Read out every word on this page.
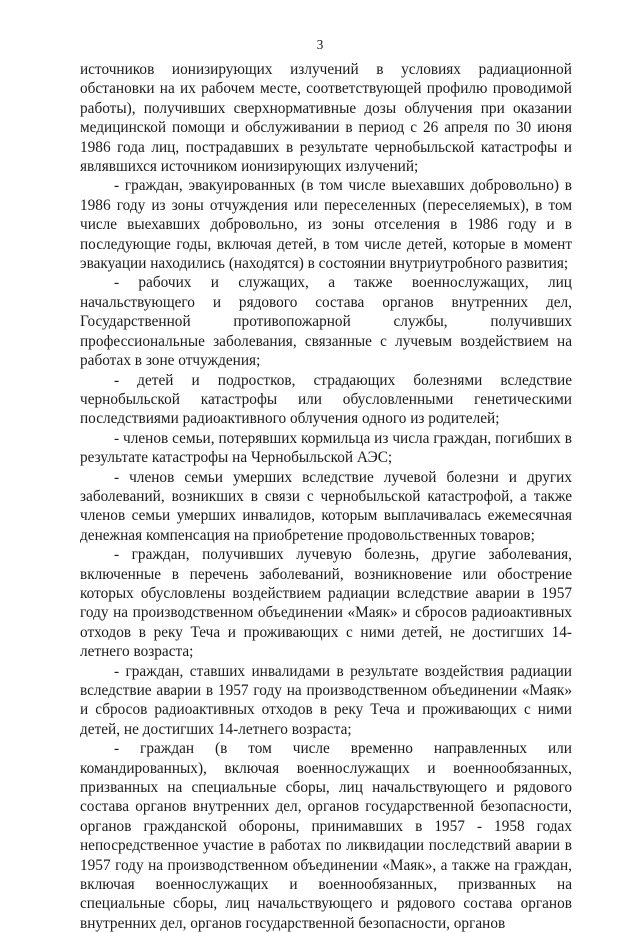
3

источников ионизирующих излучений в условиях радиационной обстановки на их рабочем месте, соответствующей профилю проводимой работы), получивших сверхнормативные дозы облучения при оказании медицинской помощи и обслуживании в период с 26 апреля по 30 июня 1986 года лиц, пострадавших в результате чернобыльской катастрофы и являвшихся источником ионизирующих излучений;

- граждан, эвакуированных (в том числе выехавших добровольно) в 1986 году из зоны отчуждения или переселенных (переселяемых), в том числе выехавших добровольно, из зоны отселения в 1986 году и в последующие годы, включая детей, в том числе детей, которые в момент эвакуации находились (находятся) в состоянии внутриутробного развития;

- рабочих и служащих, а также военнослужащих, лиц начальствующего и рядового состава органов внутренних дел, Государственной противопожарной службы, получивших профессиональные заболевания, связанные с лучевым воздействием на работах в зоне отчуждения;

- детей и подростков, страдающих болезнями вследствие чернобыльской катастрофы или обусловленными генетическими последствиями радиоактивного облучения одного из родителей;

- членов семьи, потерявших кормильца из числа граждан, погибших в результате катастрофы на Чернобыльской АЭС;

- членов семьи умерших вследствие лучевой болезни и других заболеваний, возникших в связи с чернобыльской катастрофой, а также членов семьи умерших инвалидов, которым выплачивалась ежемесячная денежная компенсация на приобретение продовольственных товаров;

- граждан, получивших лучевую болезнь, другие заболевания, включенные в перечень заболеваний, возникновение или обострение которых обусловлены воздействием радиации вследствие аварии в 1957 году на производственном объединении «Маяк» и сбросов радиоактивных отходов в реку Теча и проживающих с ними детей, не достигших 14-летнего возраста;

- граждан, ставших инвалидами в результате воздействия радиации вследствие аварии в 1957 году на производственном объединении «Маяк» и сбросов радиоактивных отходов в реку Теча и проживающих с ними детей, не достигших 14-летнего возраста;

- граждан (в том числе временно направленных или командированных), включая военнослужащих и военнообязанных, призванных на специальные сборы, лиц начальствующего и рядового состава органов внутренних дел, органов государственной безопасности, органов гражданской обороны, принимавших в 1957 - 1958 годах непосредственное участие в работах по ликвидации последствий аварии в 1957 году на производственном объединении «Маяк», а также на граждан, включая военнослужащих и военнообязанных, призванных на специальные сборы, лиц начальствующего и рядового состава органов внутренних дел, органов государственной безопасности, органов
